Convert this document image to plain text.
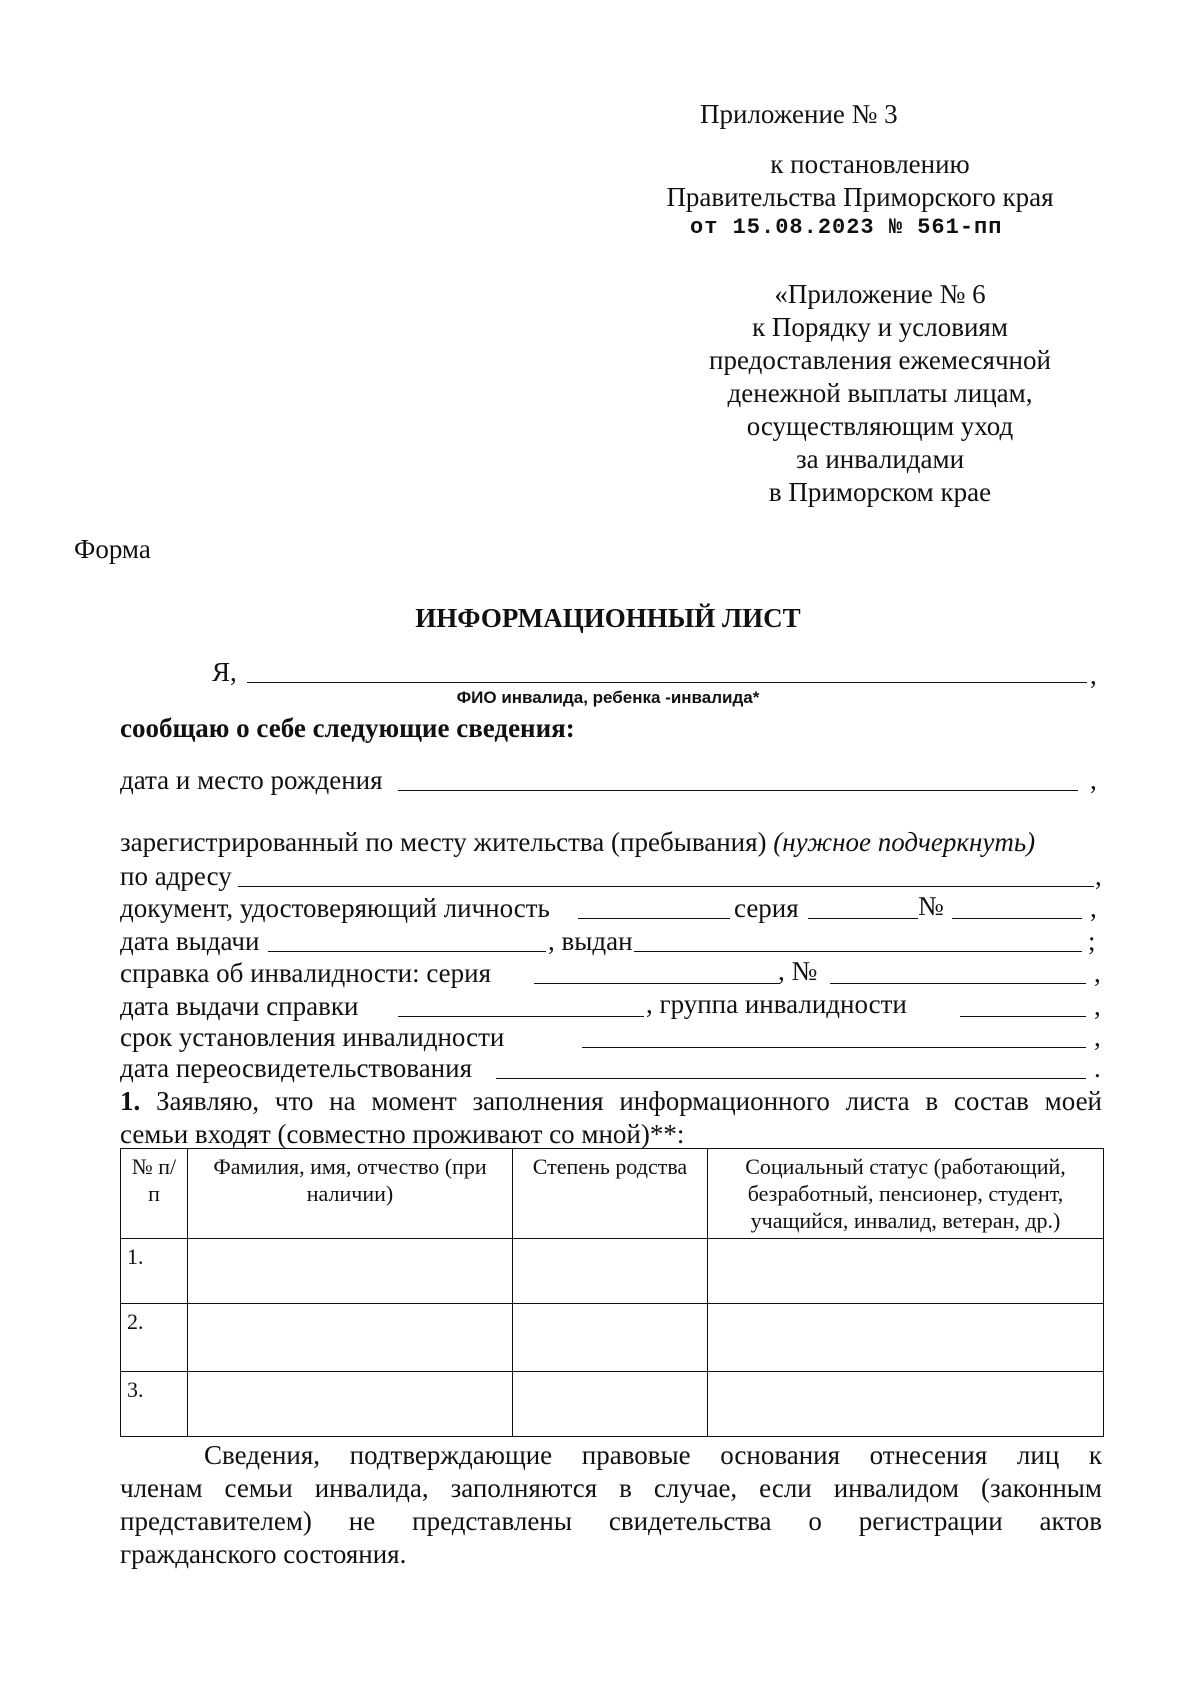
Приложение № 3
к постановлению
Правительства Приморского края
от 15.08.2023 № 561-пп
«Приложение № 6
к Порядку и условиям
предоставления ежемесячной
денежной выплаты лицам,
осуществляющим уход
за инвалидами
в Приморском крае
Форма
ИНФОРМАЦИОННЫЙ ЛИСТ
Я,	,
ФИО инвалида, ребенка -инвалида*
сообщаю о себе следующие сведения:
дата и место рождения	,
зарегистрированный по месту жительства (пребывания) (нужное подчеркнуть)
по адресу	,
документ, удостоверяющий личность	серия	№	,
дата выдачи	, выдан	;
справка об инвалидности: серия	, №	,
дата выдачи справки	, группа инвалидности	,
срок установления инвалидности	,
дата переосвидетельствования	.
1. Заявляю, что на момент заполнения информационного листа в состав моей
семьи входят (совместно проживают со мной)**:
№ п/п	Фамилия, имя, отчество (при наличии)	Степень родства	Социальный статус (работающий, безработный, пенсионер, студент, учащийся, инвалид, ветеран, др.)
1.			
2.			
3.			
Сведения, подтверждающие правовые основания отнесения лиц к
членам семьи инвалида, заполняются в случае, если инвалидом (законным
представителем) не представлены свидетельства о регистрации актов
гражданского состояния.
